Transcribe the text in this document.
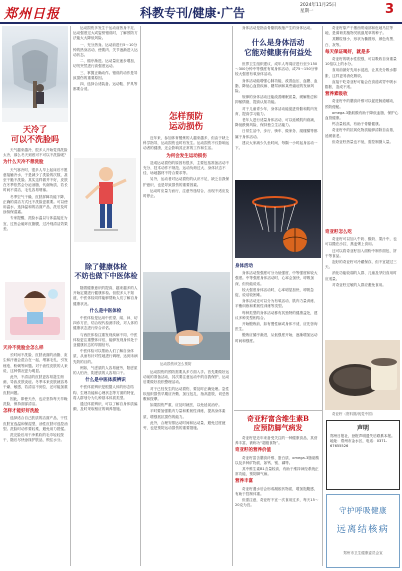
郑州日报	科教专刊/健康·广告
2024年11月25日
星期一	3
天冷了
可以不洗脸吗

天气越来越冷，很多人开始觉得洗脸太冷，那么冬天到底可不可以不洗脸呢？

为什么天冷不想洗脸

天气寒冷时，很多人早上起床后不愿意接触冷水，于是减少了洗脸的次数，甚至干脆不洗脸。其实这样做并不好，皮肤在冬季依然会分泌油脂，代谢角质，若长时间不清洁，毛孔容易堵塞。

冬季空气干燥，皮肤屏障功能下降，正确的清洁方式比不洗脸更重要。可以使用温水，选择温和的洁面产品，洗后及时涂抹保湿霜。

专家提醒，洗脸水温以与体温接近为宜，过热会破坏皮脂膜，过冷则清洁效果差。

天冷不洗脸会怎么样

长时间不洗脸，皮肤表面的油脂、灰尘和汗液会混合在一起，堵塞毛孔，引发痤疮、粉刺等问题。对于油性皮肤的人来说，这种情况更为明显。

此外，不清洁的皮肤更容易滋生细菌，导致皮肤炎症。冬季本来皮肤就容易干燥、敏感，若清洁不到位，还可能加重皮肤问题。

因此，即使天冷，也应坚持每天早晚洗脸，保持面部清洁。

怎样才能好好洗脸

选择适合自己肤质的洁面产品，干性皮肤宜选温和保湿型，油性皮肤可选控油型。洗脸时动作要轻柔，避免用力搓揉。

洗完脸后用干净柔软的毛巾轻轻按干，随后尽快涂抹护肤品，锁住水分。

运动损伤多发生于运动前热身不足、运动强度过大或姿势错误时，了解预防方法能大大降低风险。

一、充分热身。运动前进行5～10分钟的热身活动，使肌肉、关节逐渐进入运动状态。

二、循序渐进。运动量应逐步增加，切勿突然进行高强度运动。

三、掌握正确动作。错误的动作是导致损伤的重要原因。

四、选择合适装备。运动鞋、护具等都要合适。

怎样预防
运动损伤

近年来，参加体育锻炼的人越来越多，但由于缺乏科学指导，运动损伤也时有发生。运动损伤不仅影响运动者的健康，还会影响其正常的工作和生活。

为何会发生运动损伤

造成运动损伤的原因有很多，主要包括准备活动不充分、技术动作不规范、运动负荷过大、身体状态不佳、场地器材不符合要求等。

另外，运动者对运动损伤的认识不足，缺乏自我保护意识，也是导致损伤的重要因素。

运动时应量力而行，注意劳逸结合，出现不适应及时停止。

除了健康体检
不妨也做下中医体检

随着健康意识的提高，越来越多的人开始定期进行健康体检。但很多人不知道，中医体检同样能够帮助人们了解自身健康状况。

什么是中医体检

中医体检是运用中医望、闻、问、切四诊方法，结合现代检测手段，对人体的健康状态进行综合评估。

与西医体检注重发现疾病不同，中医体检更注重整体评估，能够发现身体处于亚健康状态的早期信号。

中医体检可以帮助人们了解自身体质，从而有针对性地进行调理，达到未病先防的目的。

例如，气虚质的人容易疲劳，阳虚质的人怕冷，阴虚质的人容易口干。

什么是中医体质辨识

中医体质辨识是根据人体的形态结构、生理功能和心理状态等方面的特征，将人群划分为九种基本体质类型。

通过体质辨识，可以了解自身体质偏颇，及时采取相应的调养措施。

运动损伤该怎么预防

运动损伤的预防需要从多方面入手。首先要做好运动前的准备活动，其次要注意运动中的自我保护，运动后要做好放松整理活动。

对于已经发生的运动损伤，要及时正确处理。急性软组织损伤早期应冷敷、加压包扎、抬高患肢，切忌热敷和按摩。

如果损伤严重，应及时就医，以免延误治疗。

平时要加强肌肉力量和柔韧性训练，提高身体素质，增强抵抗损伤的能力。

此外，合理安排运动时间和运动量，避免过度疲劳，也是预防运动损伤的重要措施。

身体活动是指由骨骼肌收缩产生的身体运动。

什么是身体活动
它能对健康有何益处

世界卫生组织建议，成年人每周应进行至少150～300分钟中等强度有氧身体活动，或75～150分钟较大强度有氧身体活动。

身体活动能增强心肺功能，改善血压、血糖、血脂，降低心血管疾病、糖尿病和某些癌症的发病风险。

规律的身体活动还能改善睡眠质量，缓解焦虑和抑郁情绪，提高认知功能。

对于儿童青少年，身体活动能促进骨骼和肌肉发育，提高学习能力。

老年人进行适量身体活动，可以延缓肌肉衰减，降低跌倒风险，保持独立生活能力。

日常生活中，步行、骑车、做家务、爬楼梯等都属于身体活动。

建议大家减少久坐时间，每隔一小时起身活动一下。

身体活动

身体活动按强度可分为低强度、中等强度和较大强度。中等强度身体活动时，心率会加快，呼吸加深，但仍能说话。

较大强度身体活动时，心率明显加快，呼吸急促，说话较困难。

身体活动还可以分为有氧活动、肌肉力量训练、平衡训练和柔韧性训练等类型。

每种类型的身体活动都有其独特的健康益处，建议多种类型相结合。

开始锻炼前，如有慢性病或身体不适，应先咨询医生。

锻炼应循序渐进，从低强度开始，逐渐增加运动时间和强度。

奇亚籽富含维生素B
应预防脚气病发

奇亚籽是近年来备受关注的一种健康食品，其营养丰富，被称为“超级食物”。

奇亚籽的营养价值

奇亚籽富含膳食纤维、蛋白质、omega-3脂肪酸以及多种矿物质，如钙、镁、磷等。

其中维生素B1含量较高，有助于维持神经系统正常功能，预防脚气病。

营养丰富

奇亚籽遇水后会形成凝胶状物质，增加饱腹感，有助于控制体重。

但需注意，奇亚籽不宜一次食用过多，每天15～20克为宜。

奇亚籽原产于墨西哥南部和危地马拉等地，是薄荷类植物芡欧鼠尾草的种子。

其颗粒细小，形状为椭圆形，颜色有黑、白、灰等。

每天保证喝好，就是多

奇亚籽的吸水性很强，可以吸收自身重量10倍以上的水分。

食用前最好先用水浸泡，让其充分吸水膨胀，这样更易消化吸收。

直接干吃奇亚籽可能会在食道或胃中吸水膨胀，造成不适。

营养素吸收

奇亚籽中的膳食纤维可以促进肠道蠕动，预防便秘。

omega-3脂肪酸有助于降低血脂，保护心血管健康。

钙含量较高，有助于骨骼健康。

奇亚籽中的抗氧化物质能够清除自由基，延缓衰老。

但奇亚籽热量也不低，需控制摄入量。

奇亚籽怎么吃

奇亚籽可以加入牛奶、酸奶、果汁中，也可以撒在沙拉、燕麦粥上食用。

还可以将奇亚籽加入面粉中制作面包、饼干等食品。

泡好的奇亚籽可冷藏保存，但不宜超过三天。

消化功能较弱的人群、儿童及孕妇食用时应适量。

对奇亚籽过敏的人群应避免食用。

奇亚籽（资料图/视觉中国）
声明
郑州日报社，登报声明遗失后联系本报。地址：郑州市金水区，电话：0371-67655526
守护呼吸健康
远离结核病
郑州市卫生健康委员会宣
